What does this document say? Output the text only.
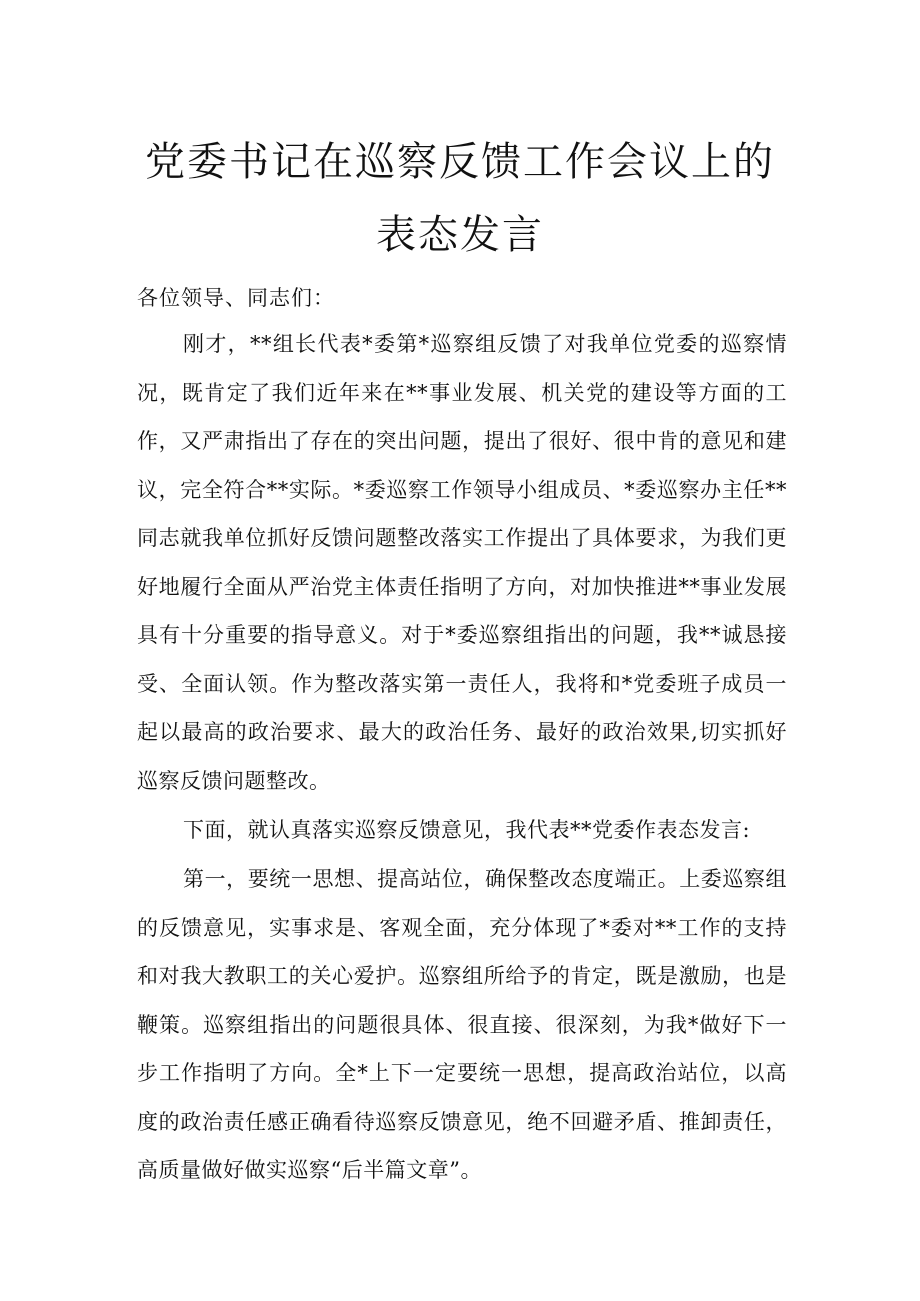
党委书记在巡察反馈工作会议上的
表态发言
各位领导、同志们：

刚才，**组长代表*委第*巡察组反馈了对我单位党委的巡察情况，既肯定了我们近年来在**事业发展、机关党的建设等方面的工作，又严肃指出了存在的突出问题，提出了很好、很中肯的意见和建议，完全符合**实际。*委巡察工作领导小组成员、*委巡察办主任**同志就我单位抓好反馈问题整改落实工作提出了具体要求，为我们更好地履行全面从严治党主体责任指明了方向，对加快推进**事业发展具有十分重要的指导意义。对于*委巡察组指出的问题，我**诚恳接受、全面认领。作为整改落实第一责任人，我将和*党委班子成员一起以最高的政治要求、最大的政治任务、最好的政治效果,切实抓好巡察反馈问题整改。

下面，就认真落实巡察反馈意见，我代表**党委作表态发言:

第一，要统一思想、提高站位，确保整改态度端正。上委巡察组的反馈意见，实事求是、客观全面，充分体现了*委对**工作的支持和对我大教职工的关心爱护。巡察组所给予的肯定，既是激励，也是鞭策。巡察组指出的问题很具体、很直接、很深刻，为我*做好下一步工作指明了方向。全*上下一定要统一思想，提高政治站位，以高度的政治责任感正确看待巡察反馈意见，绝不回避矛盾、推卸责任，高质量做好做实巡察“后半篇文章”。
